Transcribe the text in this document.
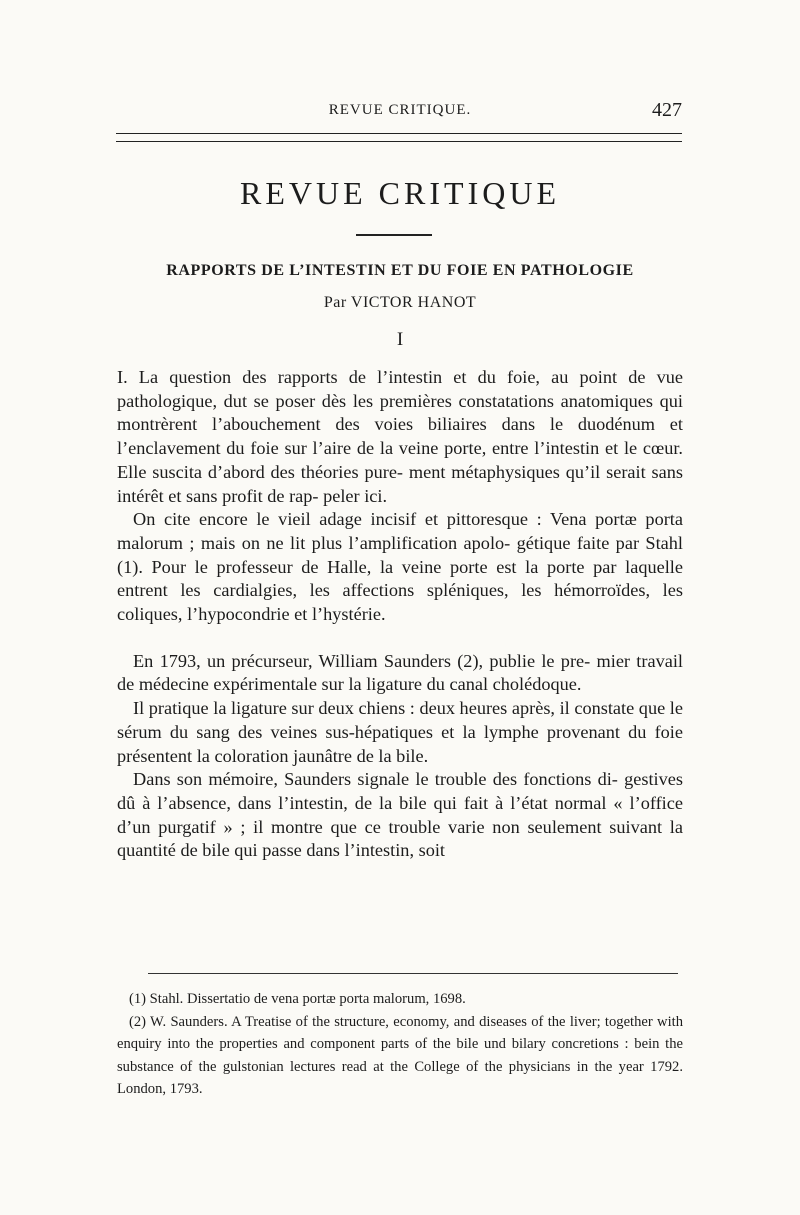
REVUE CRITIQUE.	427
REVUE CRITIQUE
RAPPORTS DE L’INTESTIN ET DU FOIE EN PATHOLOGIE
Par VICTOR HANOT
I

I. La question des rapports de l’intestin et du foie, au point de vue pathologique, dut se poser dès les premières constatations anatomiques qui montrèrent l’abouchement des voies biliaires dans le duodénum et l’enclavement du foie sur l’aire de la veine porte, entre l’intestin et le cœur. Elle suscita d’abord des théories pure- ment métaphysiques qu’il serait sans intérêt et sans profit de rap- peler ici.

On cite encore le vieil adage incisif et pittoresque : Vena portæ porta malorum ; mais on ne lit plus l’amplification apolo- gétique faite par Stahl (1). Pour le professeur de Halle, la veine porte est la porte par laquelle entrent les cardialgies, les affections spléniques, les hémorroïdes, les coliques, l’hypocondrie et l’hystérie.

En 1793, un précurseur, William Saunders (2), publie le pre- mier travail de médecine expérimentale sur la ligature du canal cholédoque.

Il pratique la ligature sur deux chiens : deux heures après, il constate que le sérum du sang des veines sus-hépatiques et la lymphe provenant du foie présentent la coloration jaunâtre de la bile.

Dans son mémoire, Saunders signale le trouble des fonctions di- gestives dû à l’absence, dans l’intestin, de la bile qui fait à l’état normal « l’office d’un purgatif » ; il montre que ce trouble varie non seulement suivant la quantité de bile qui passe dans l’intestin, soit

(1) Stahl. Dissertatio de vena portæ porta malorum, 1698.

(2) W. Saunders. A Treatise of the structure, economy, and diseases of the liver; together with enquiry into the properties and component parts of the bile und bilary concretions : bein the substance of the gulstonian lectures read at the College of the physicians in the year 1792. London, 1793.
